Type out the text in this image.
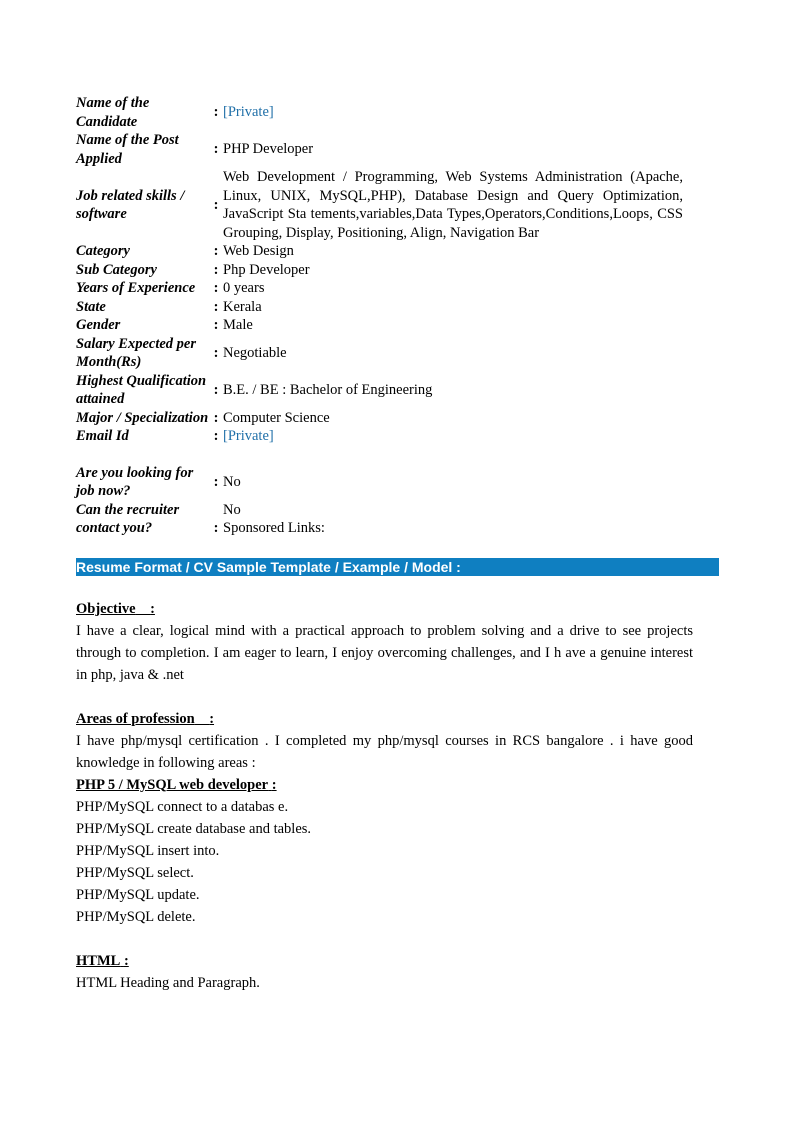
Name of the Candidate	:	[Private]
Name of the Post Applied	:	PHP Developer
Job related skills / software	:	Web Development / Programming, Web Systems Administration (Apache, Linux, UNIX, MySQL,PHP), Database Design and Query Optimization, JavaScript Sta tements,variables,Data Types,Operators,Conditions,Loops, CSS Grouping, Display, Positioning, Align, Navigation Bar
Category	:	Web Design
Sub Category	:	Php Developer
Years of Experience	:	0 years
State	:	Kerala
Gender	:	Male
Salary Expected per Month(Rs)	:	Negotiable
Highest Qualification attained	:	B.E. / BE : Bachelor of Engineering
Major / Specialization	:	Computer Science
Email Id	:	[Private]

Are you looking for job now?	:	No
Can the recruiter contact you?	:	No
Sponsored Links:
Resume Format / CV Sample Template / Example / Model :
Objective :
I have a clear, logical mind with a practical approach to problem solving and a drive to see projects through to completion. I am eager to learn, I enjoy overcoming challenges, and I h ave a genuine interest in php, java & .net
Areas of profession :
I have php/mysql certification . I completed my php/mysql courses in RCS bangalore . i have good knowledge in following areas :
PHP 5 / MySQL web developer :
PHP/MySQL connect to a databas e.
PHP/MySQL create database and tables.
PHP/MySQL insert into.
PHP/MySQL select.
PHP/MySQL update.
PHP/MySQL delete.
HTML :
HTML Heading and Paragraph.
